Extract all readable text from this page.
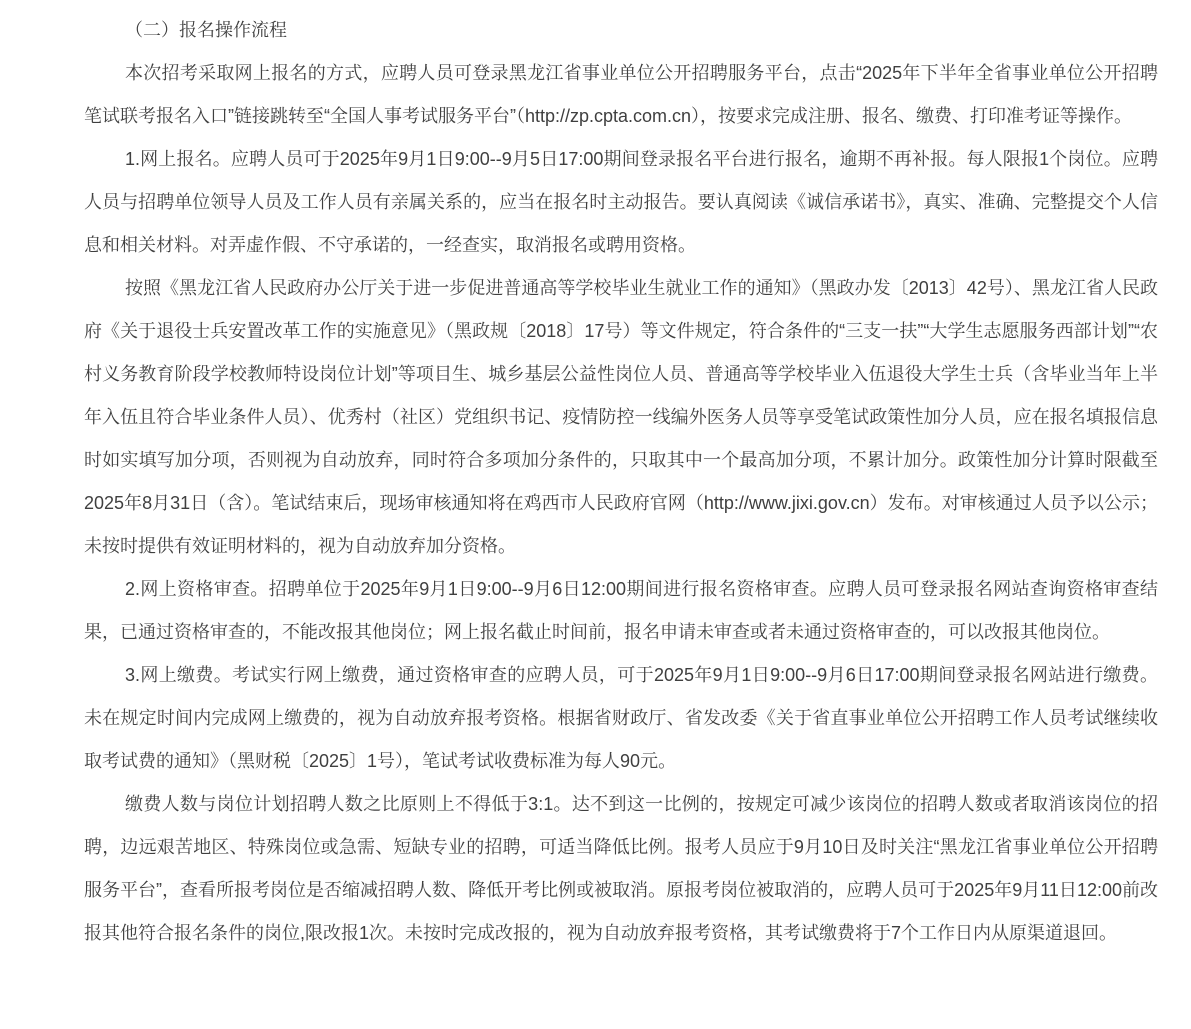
（二）报名操作流程

本次招考采取网上报名的方式，应聘人员可登录黑龙江省事业单位公开招聘服务平台，点击“2025年下半年全省事业单位公开招聘笔试联考报名入口”链接跳转至“全国人事考试服务平台”（http://zp.cpta.com.cn），按要求完成注册、报名、缴费、打印准考证等操作。

1.网上报名。应聘人员可于2025年9月1日9:00--9月5日17:00期间登录报名平台进行报名，逾期不再补报。每人限报1个岗位。应聘人员与招聘单位领导人员及工作人员有亲属关系的，应当在报名时主动报告。要认真阅读《诚信承诺书》，真实、准确、完整提交个人信息和相关材料。对弄虚作假、不守承诺的，一经查实，取消报名或聘用资格。

按照《黑龙江省人民政府办公厅关于进一步促进普通高等学校毕业生就业工作的通知》（黑政办发〔2013〕42号）、黑龙江省人民政府《关于退役士兵安置改革工作的实施意见》（黑政规〔2018〕17号）等文件规定，符合条件的“三支一扶”“大学生志愿服务西部计划”“农村义务教育阶段学校教师特设岗位计划”等项目生、城乡基层公益性岗位人员、普通高等学校毕业入伍退役大学生士兵（含毕业当年上半年入伍且符合毕业条件人员）、优秀村（社区）党组织书记、疫情防控一线编外医务人员等享受笔试政策性加分人员，应在报名填报信息时如实填写加分项，否则视为自动放弃，同时符合多项加分条件的，只取其中一个最高加分项，不累计加分。政策性加分计算时限截至2025年8月31日（含）。笔试结束后，现场审核通知将在鸡西市人民政府官网（http://www.jixi.gov.cn）发布。对审核通过人员予以公示；未按时提供有效证明材料的，视为自动放弃加分资格。

2.网上资格审查。招聘单位于2025年9月1日9:00--9月6日12:00期间进行报名资格审查。应聘人员可登录报名网站查询资格审查结果，已通过资格审查的，不能改报其他岗位；网上报名截止时间前，报名申请未审查或者未通过资格审查的，可以改报其他岗位。

3.网上缴费。考试实行网上缴费，通过资格审查的应聘人员，可于2025年9月1日9:00--9月6日17:00期间登录报名网站进行缴费。未在规定时间内完成网上缴费的，视为自动放弃报考资格。根据省财政厅、省发改委《关于省直事业单位公开招聘工作人员考试继续收取考试费的通知》（黑财税〔2025〕1号），笔试考试收费标准为每人90元。

缴费人数与岗位计划招聘人数之比原则上不得低于3:1。达不到这一比例的，按规定可减少该岗位的招聘人数或者取消该岗位的招聘，边远艰苦地区、特殊岗位或急需、短缺专业的招聘，可适当降低比例。报考人员应于9月10日及时关注“黑龙江省事业单位公开招聘服务平台”，查看所报考岗位是否缩减招聘人数、降低开考比例或被取消。原报考岗位被取消的，应聘人员可于2025年9月11日12:00前改报其他符合报名条件的岗位,限改报1次。未按时完成改报的，视为自动放弃报考资格，其考试缴费将于7个工作日内从原渠道退回。
